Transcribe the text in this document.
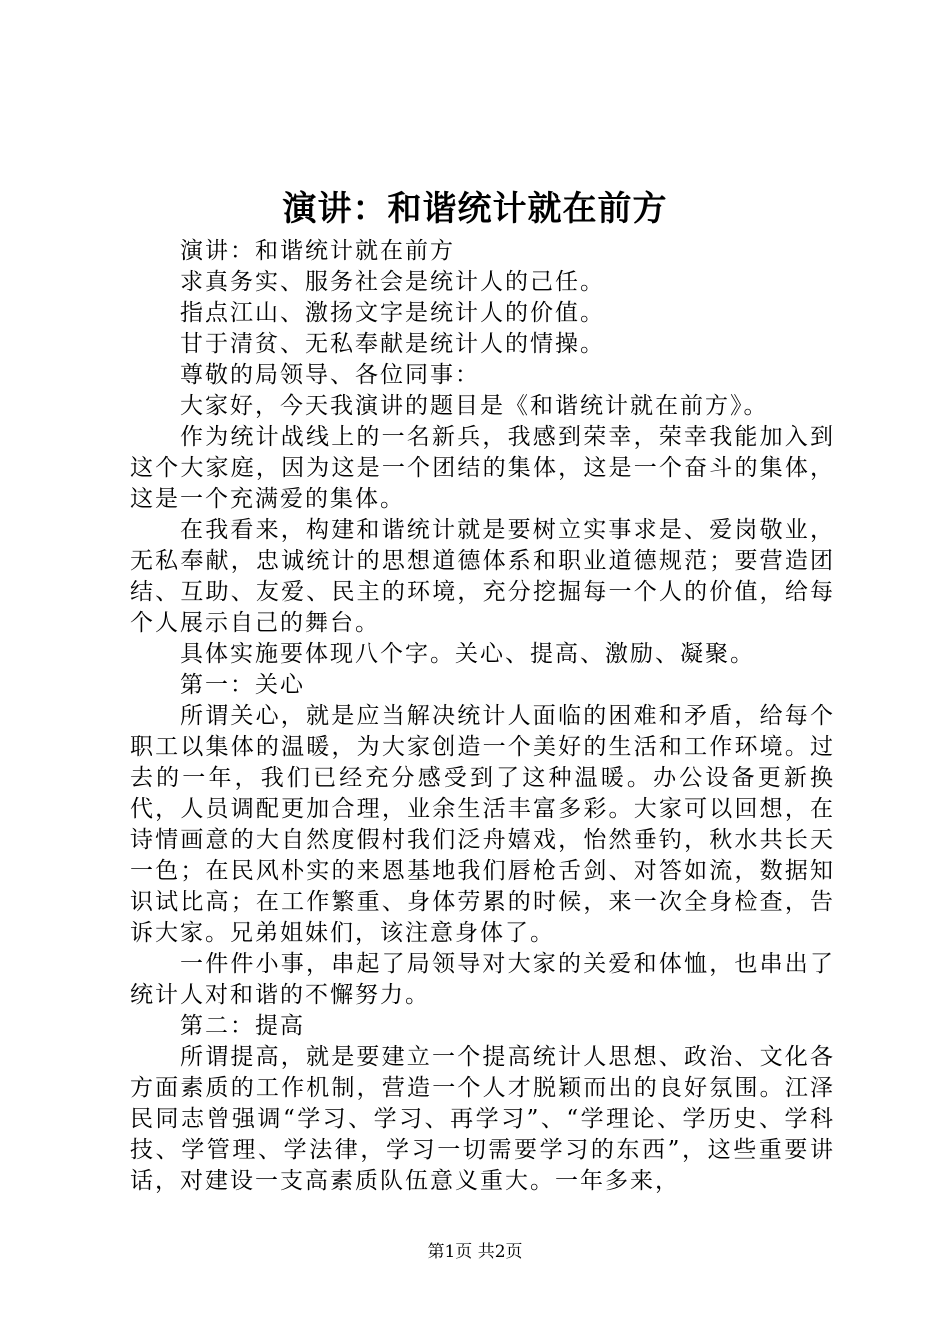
演讲：和谐统计就在前方

演讲：和谐统计就在前方

求真务实、服务社会是统计人的己任。

指点江山、激扬文字是统计人的价值。

甘于清贫、无私奉献是统计人的情操。

尊敬的局领导、各位同事：

大家好，今天我演讲的题目是《和谐统计就在前方》。

作为统计战线上的一名新兵，我感到荣幸，荣幸我能加入到这个大家庭，因为这是一个团结的集体，这是一个奋斗的集体，这是一个充满爱的集体。

在我看来，构建和谐统计就是要树立实事求是、爱岗敬业，无私奉献，忠诚统计的思想道德体系和职业道德规范；要营造团结、互助、友爱、民主的环境，充分挖掘每一个人的价值，给每个人展示自己的舞台。

具体实施要体现八个字。关心、提高、激励、凝聚。

第一：关心

所谓关心，就是应当解决统计人面临的困难和矛盾，给每个职工以集体的温暖，为大家创造一个美好的生活和工作环境。过去的一年，我们已经充分感受到了这种温暖。办公设备更新换代，人员调配更加合理，业余生活丰富多彩。大家可以回想，在诗情画意的大自然度假村我们泛舟嬉戏，怡然垂钓，秋水共长天一色；在民风朴实的来恩基地我们唇枪舌剑、对答如流，数据知识试比高；在工作繁重、身体劳累的时候，来一次全身检查，告诉大家。兄弟姐妹们，该注意身体了。

一件件小事，串起了局领导对大家的关爱和体恤，也串出了统计人对和谐的不懈努力。

第二：提高

所谓提高，就是要建立一个提高统计人思想、政治、文化各方面素质的工作机制，营造一个人才脱颖而出的良好氛围。江泽民同志曾强调“学习、学习、再学习”、“学理论、学历史、学科技、学管理、学法律，学习一切需要学习的东西”，这些重要讲话，对建设一支高素质队伍意义重大。一年多来，

第1页 共2页
